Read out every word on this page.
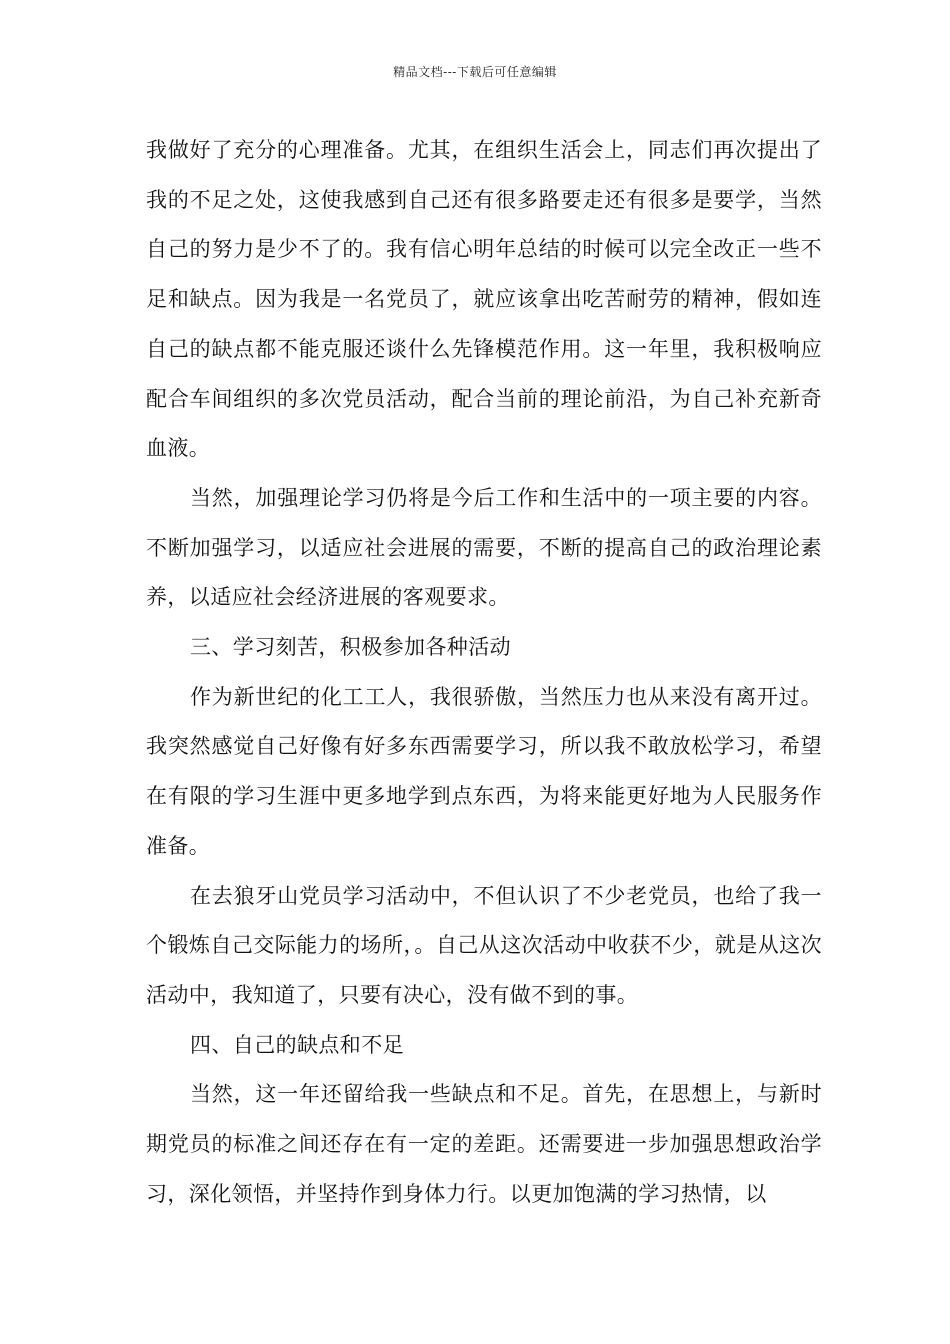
精品文档---下载后可任意编辑

我做好了充分的心理准备。尤其，在组织生活会上，同志们再次提出了我的不足之处，这使我感到自己还有很多路要走还有很多是要学，当然自己的努力是少不了的。我有信心明年总结的时候可以完全改正一些不足和缺点。因为我是一名党员了，就应该拿出吃苦耐劳的精神，假如连自己的缺点都不能克服还谈什么先锋模范作用。这一年里，我积极响应配合车间组织的多次党员活动，配合当前的理论前沿，为自己补充新奇血液。

当然，加强理论学习仍将是今后工作和生活中的一项主要的内容。不断加强学习，以适应社会进展的需要，不断的提高自己的政治理论素养，以适应社会经济进展的客观要求。

三、学习刻苦，积极参加各种活动

作为新世纪的化工工人，我很骄傲，当然压力也从来没有离开过。我突然感觉自己好像有好多东西需要学习，所以我不敢放松学习，希望在有限的学习生涯中更多地学到点东西，为将来能更好地为人民服务作准备。

在去狼牙山党员学习活动中，不但认识了不少老党员，也给了我一个锻炼自己交际能力的场所，。自己从这次活动中收获不少，就是从这次活动中，我知道了，只要有决心，没有做不到的事。

四、自己的缺点和不足

当然，这一年还留给我一些缺点和不足。首先，在思想上，与新时期党员的标准之间还存在有一定的差距。还需要进一步加强思想政治学习，深化领悟，并坚持作到身体力行。以更加饱满的学习热情，以
